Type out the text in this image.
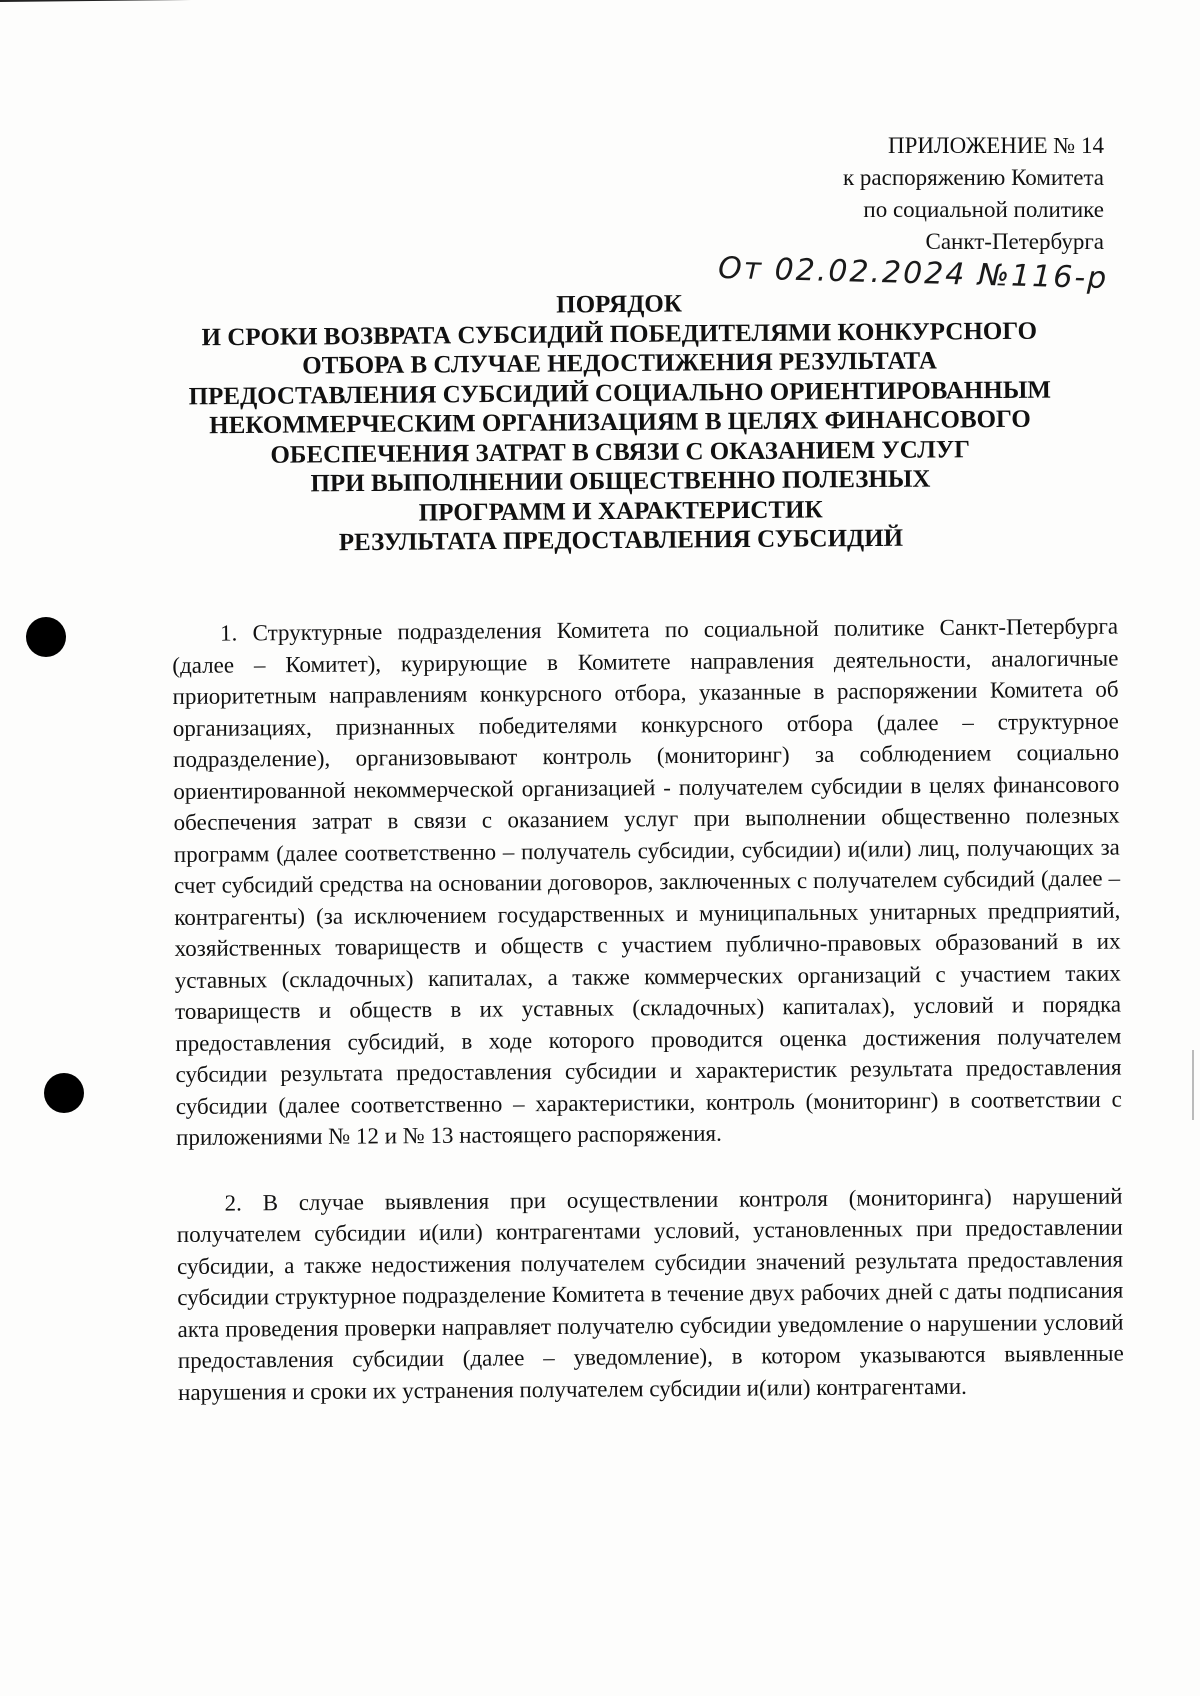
ПРИЛОЖЕНИЕ № 14
к распоряжению Комитета
по социальной политике
Санкт-Петербурга
От 02.02.2024 №116-р
ПОРЯДОК
И СРОКИ ВОЗВРАТА СУБСИДИЙ ПОБЕДИТЕЛЯМИ КОНКУРСНОГО
ОТБОРА В СЛУЧАЕ НЕДОСТИЖЕНИЯ РЕЗУЛЬТАТА
ПРЕДОСТАВЛЕНИЯ СУБСИДИЙ СОЦИАЛЬНО ОРИЕНТИРОВАННЫМ
НЕКОММЕРЧЕСКИМ ОРГАНИЗАЦИЯМ В ЦЕЛЯХ ФИНАНСОВОГО
ОБЕСПЕЧЕНИЯ ЗАТРАТ В СВЯЗИ С ОКАЗАНИЕМ УСЛУГ
ПРИ ВЫПОЛНЕНИИ ОБЩЕСТВЕННО ПОЛЕЗНЫХ
ПРОГРАММ И ХАРАКТЕРИСТИК
РЕЗУЛЬТАТА ПРЕДОСТАВЛЕНИЯ СУБСИДИЙ

1. Структурные подразделения Комитета по социальной политике Санкт-Петербурга (далее – Комитет), курирующие в Комитете направления деятельности, аналогичные приоритетным направлениям конкурсного отбора, указанные в распоряжении Комитета об организациях, признанных победителями конкурсного отбора (далее – структурное подразделение), организовывают контроль (мониторинг) за соблюдением социально ориентированной некоммерческой организацией - получателем субсидии в целях финансового обеспечения затрат в связи с оказанием услуг при выполнении общественно полезных программ (далее соответственно – получатель субсидии, субсидии) и(или) лиц, получающих за счет субсидий средства на основании договоров, заключенных с получателем субсидий (далее – контрагенты) (за исключением государственных и муниципальных унитарных предприятий, хозяйственных товариществ и обществ с участием публично-правовых образований в их уставных (складочных) капиталах, а также коммерческих организаций с участием таких товариществ и обществ в их уставных (складочных) капиталах), условий и порядка предоставления субсидий, в ходе которого проводится оценка достижения получателем субсидии результата предоставления субсидии и характеристик результата предоставления субсидии (далее соответственно – характеристики, контроль (мониторинг) в соответствии с приложениями № 12 и № 13 настоящего распоряжения.

2. В случае выявления при осуществлении контроля (мониторинга) нарушений получателем субсидии и(или) контрагентами условий, установленных при предоставлении субсидии, а также недостижения получателем субсидии значений результата предоставления субсидии структурное подразделение Комитета в течение двух рабочих дней с даты подписания акта проведения проверки направляет получателю субсидии уведомление о нарушении условий предоставления субсидии (далее – уведомление), в котором указываются выявленные нарушения и сроки их устранения получателем субсидии и(или) контрагентами.
